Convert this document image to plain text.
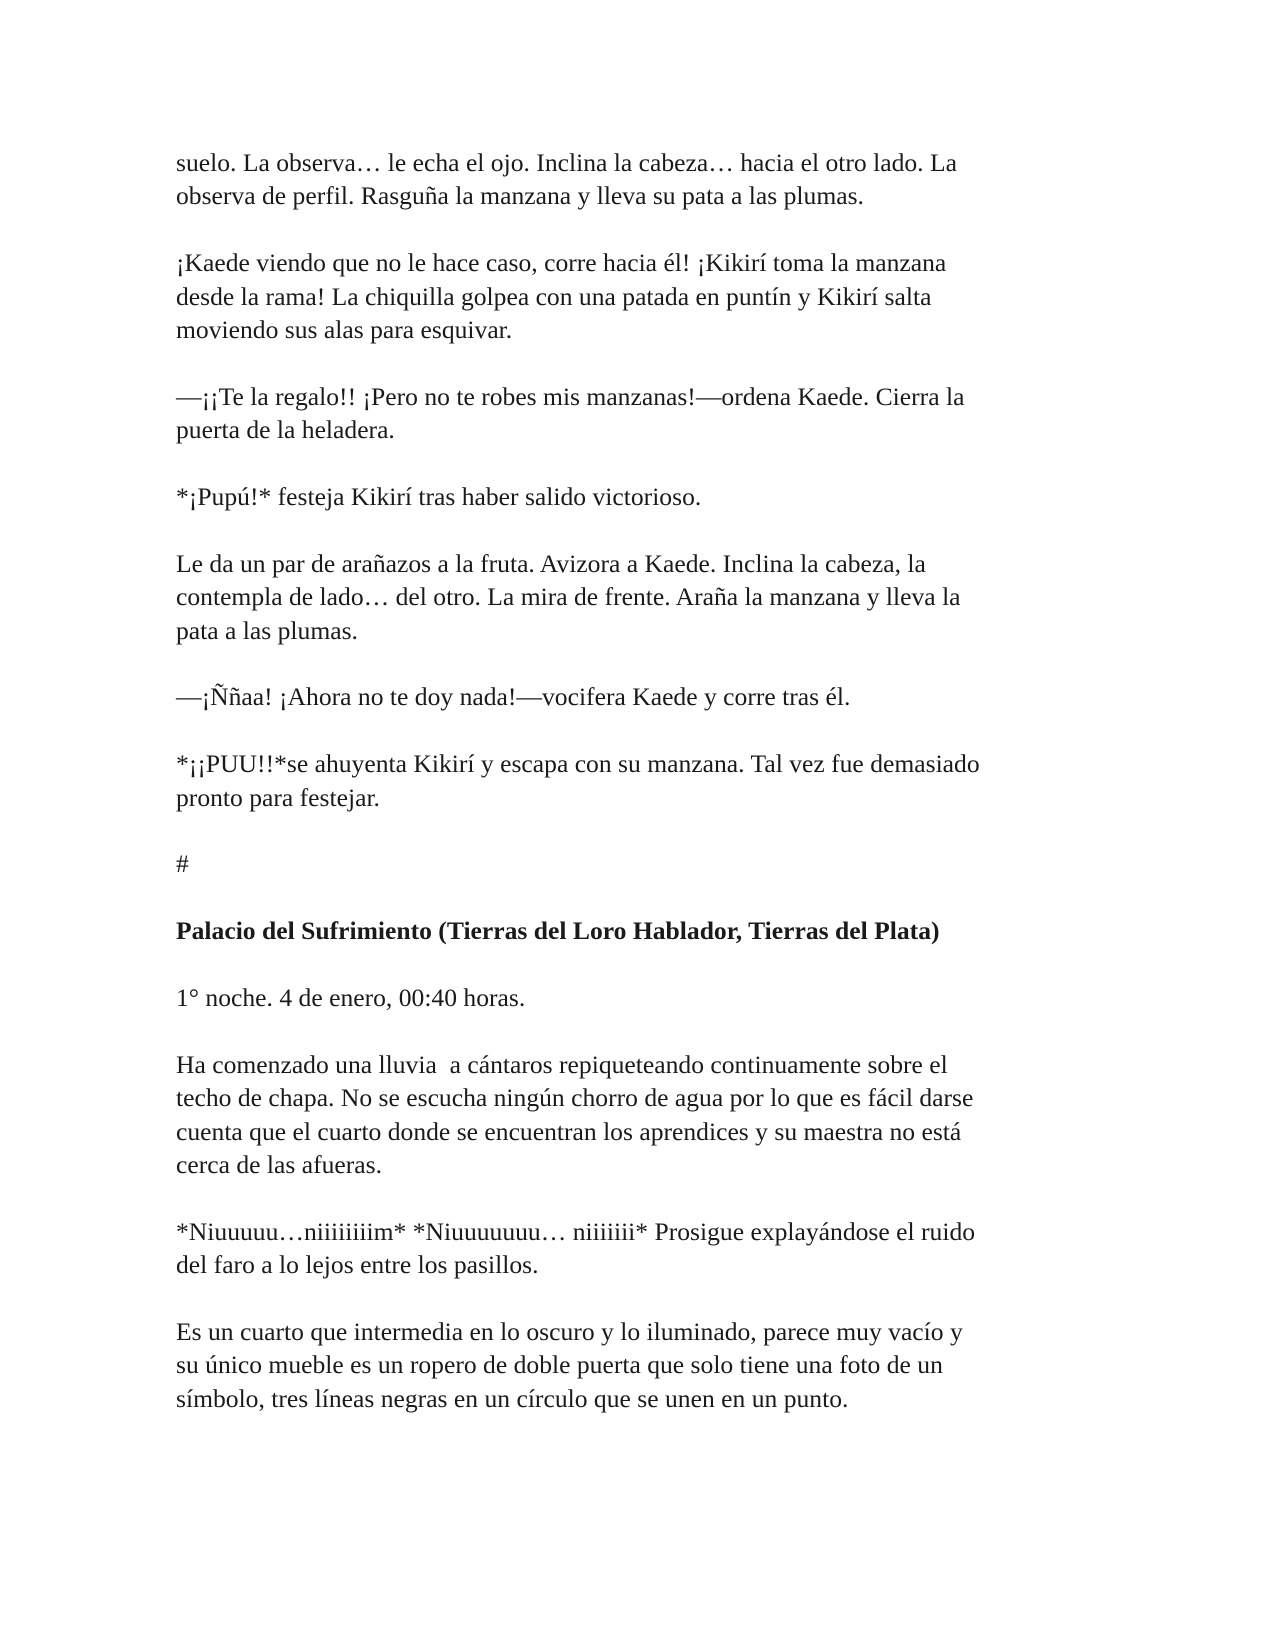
suelo. La observa… le echa el ojo. Inclina la cabeza… hacia el otro lado. La
observa de perfil. Rasguña la manzana y lleva su pata a las plumas.
¡Kaede viendo que no le hace caso, corre hacia él! ¡Kikirí toma la manzana
desde la rama! La chiquilla golpea con una patada en puntín y Kikirí salta
moviendo sus alas para esquivar.
—¡¡Te la regalo!! ¡Pero no te robes mis manzanas!—ordena Kaede. Cierra la
puerta de la heladera.
*¡Pupú!* festeja Kikirí tras haber salido victorioso.
Le da un par de arañazos a la fruta. Avizora a Kaede. Inclina la cabeza, la
contempla de lado… del otro. La mira de frente. Araña la manzana y lleva la
pata a las plumas.
—¡Ññaa! ¡Ahora no te doy nada!—vocifera Kaede y corre tras él.
*¡¡PUU!!*se ahuyenta Kikirí y escapa con su manzana. Tal vez fue demasiado
pronto para festejar.
#
Palacio del Sufrimiento (Tierras del Loro Hablador, Tierras del Plata)
1° noche. 4 de enero, 00:40 horas.
Ha comenzado una lluvia  a cántaros repiqueteando continuamente sobre el
techo de chapa. No se escucha ningún chorro de agua por lo que es fácil darse
cuenta que el cuarto donde se encuentran los aprendices y su maestra no está
cerca de las afueras.
*Niuuuuu…niiiiiiiim* *Niuuuuuuu… niiiiiii* Prosigue explayándose el ruido
del faro a lo lejos entre los pasillos.
Es un cuarto que intermedia en lo oscuro y lo iluminado, parece muy vacío y
su único mueble es un ropero de doble puerta que solo tiene una foto de un
símbolo, tres líneas negras en un círculo que se unen en un punto.
